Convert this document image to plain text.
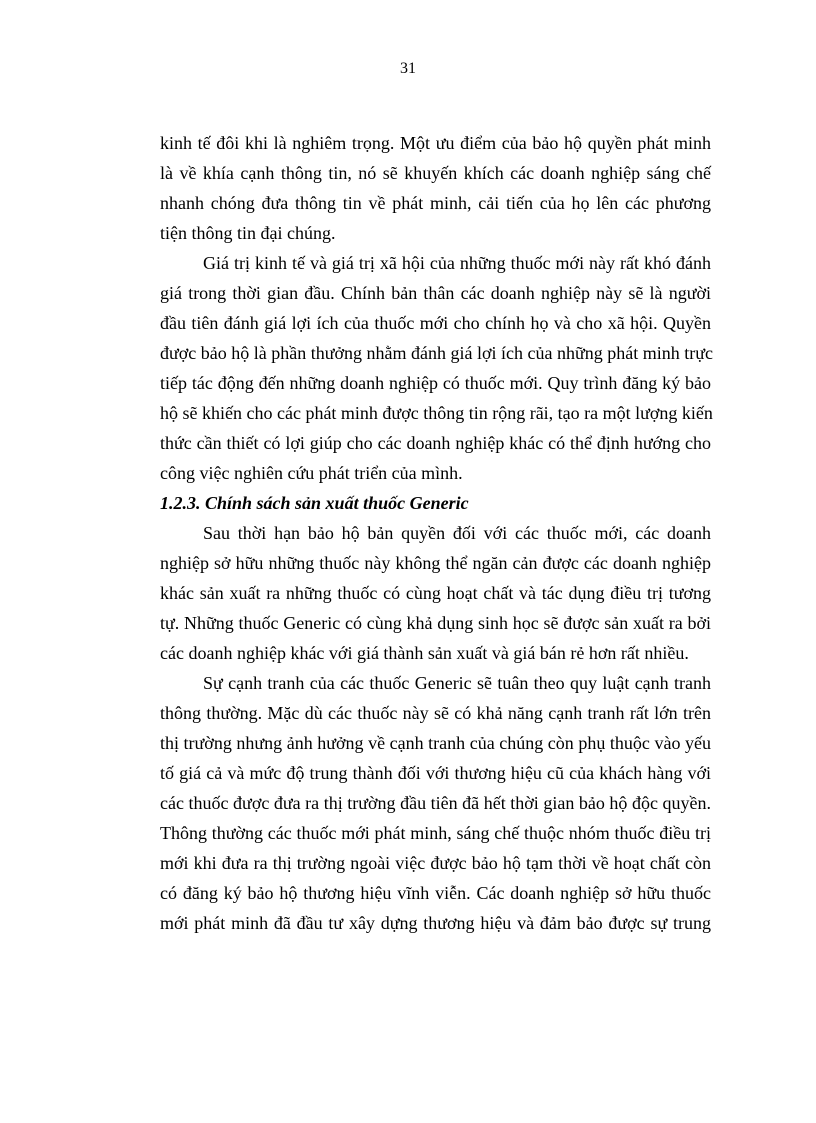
31
kinh tế đôi khi là nghiêm trọng. Một ưu điểm của bảo hộ quyền phát minh
là về khía cạnh thông tin, nó sẽ khuyến khích các doanh nghiệp sáng chế
nhanh chóng đưa thông tin về phát minh, cải tiến của họ lên các phương
tiện thông tin đại chúng.
Giá trị kinh tế và giá trị xã hội của những thuốc mới này rất khó đánh
giá trong thời gian đầu. Chính bản thân các doanh nghiệp này sẽ là người
đầu tiên đánh giá lợi ích của thuốc mới cho chính họ và cho xã hội. Quyền
được bảo hộ là phần thưởng nhằm đánh giá lợi ích của những phát minh trực
tiếp tác động đến những doanh nghiệp có thuốc mới. Quy trình đăng ký bảo
hộ sẽ khiến cho các phát minh được thông tin rộng rãi, tạo ra một lượng kiến
thức cần thiết có lợi giúp cho các doanh nghiệp khác có thể định hướng cho
công việc nghiên cứu phát triển của mình.
1.2.3. Chính sách sản xuất thuốc Generic
Sau thời hạn bảo hộ bản quyền đối với các thuốc mới, các doanh
nghiệp sở hữu những thuốc này không thể ngăn cản được các doanh nghiệp
khác sản xuất ra những thuốc có cùng hoạt chất và tác dụng điều trị tương
tự. Những thuốc Generic có cùng khả dụng sinh học sẽ được sản xuất ra bởi
các doanh nghiệp khác với giá thành sản xuất và giá bán rẻ hơn rất nhiều.
Sự cạnh tranh của các thuốc Generic sẽ tuân theo quy luật cạnh tranh
thông thường. Mặc dù các thuốc này sẽ có khả năng cạnh tranh rất lớn trên
thị trường nhưng ảnh hưởng về cạnh tranh của chúng còn phụ thuộc vào yếu
tố giá cả và mức độ trung thành đối với thương hiệu cũ của khách hàng với
các thuốc được đưa ra thị trường đầu tiên đã hết thời gian bảo hộ độc quyền.
Thông thường các thuốc mới phát minh, sáng chế thuộc nhóm thuốc điều trị
mới khi đưa ra thị trường ngoài việc được bảo hộ tạm thời về hoạt chất còn
có đăng ký bảo hộ thương hiệu vĩnh viễn. Các doanh nghiệp sở hữu thuốc
mới phát minh đã đầu tư xây dựng thương hiệu và đảm bảo được sự trung
